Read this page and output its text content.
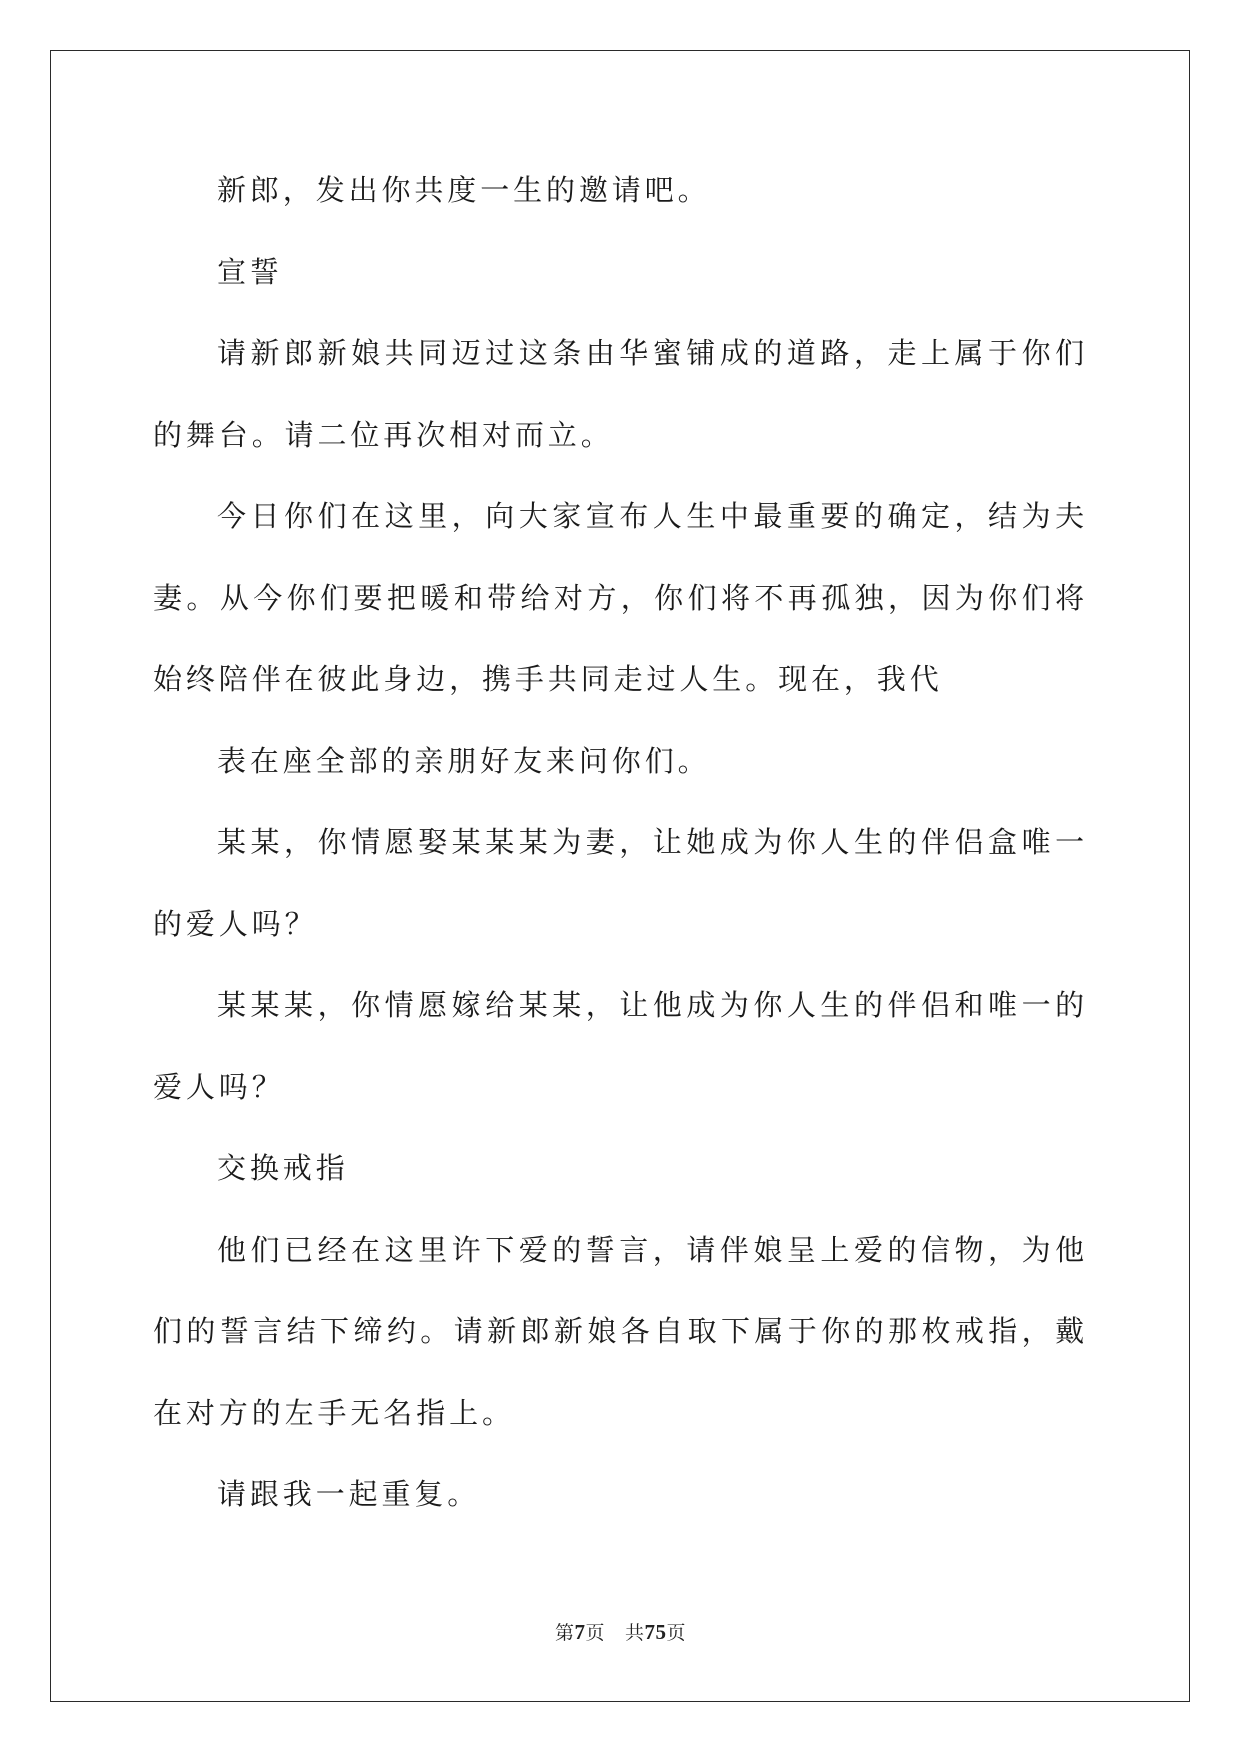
新郎，发出你共度一生的邀请吧。

宣誓

请新郎新娘共同迈过这条由华蜜铺成的道路，走上属于你们的舞台。请二位再次相对而立。

今日你们在这里，向大家宣布人生中最重要的确定，结为夫妻。从今你们要把暖和带给对方，你们将不再孤独，因为你们将始终陪伴在彼此身边，携手共同走过人生。现在，我代

表在座全部的亲朋好友来问你们。

某某，你情愿娶某某某为妻，让她成为你人生的伴侣盒唯一的爱人吗？

某某某，你情愿嫁给某某，让他成为你人生的伴侣和唯一的爱人吗？

交换戒指

他们已经在这里许下爱的誓言，请伴娘呈上爱的信物，为他们的誓言结下缔约。请新郎新娘各自取下属于你的那枚戒指，戴在对方的左手无名指上。

请跟我一起重复。

第7页 共75页
